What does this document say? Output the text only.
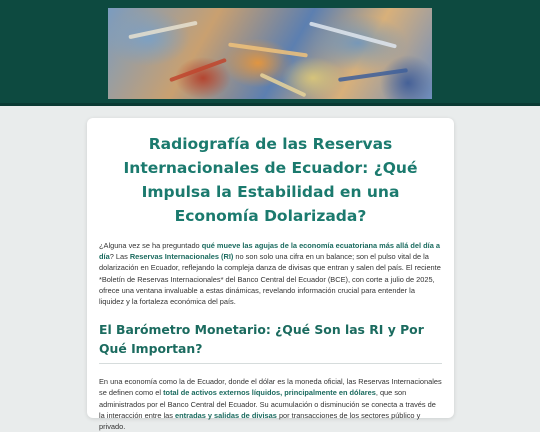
Radiografía de las Reservas Internacionales de Ecuador: ¿Qué Impulsa la Estabilidad en una Economía Dolarizada?

¿Alguna vez se ha preguntado qué mueve las agujas de la economía ecuatoriana más allá del día a día? Las Reservas Internacionales (RI) no son solo una cifra en un balance; son el pulso vital de la dolarización en Ecuador, reflejando la compleja danza de divisas que entran y salen del país. El reciente *Boletín de Reservas Internacionales* del Banco Central del Ecuador (BCE), con corte a julio de 2025, ofrece una ventana invaluable a estas dinámicas, revelando información crucial para entender la liquidez y la fortaleza económica del país.

El Barómetro Monetario: ¿Qué Son las RI y Por Qué Importan?

En una economía como la de Ecuador, donde el dólar es la moneda oficial, las Reservas Internacionales se definen como el total de activos externos líquidos, principalmente en dólares, que son administrados por el Banco Central del Ecuador. Su acumulación o disminución se conecta a través de la interacción entre las entradas y salidas de divisas por transacciones de los sectores público y privado.
